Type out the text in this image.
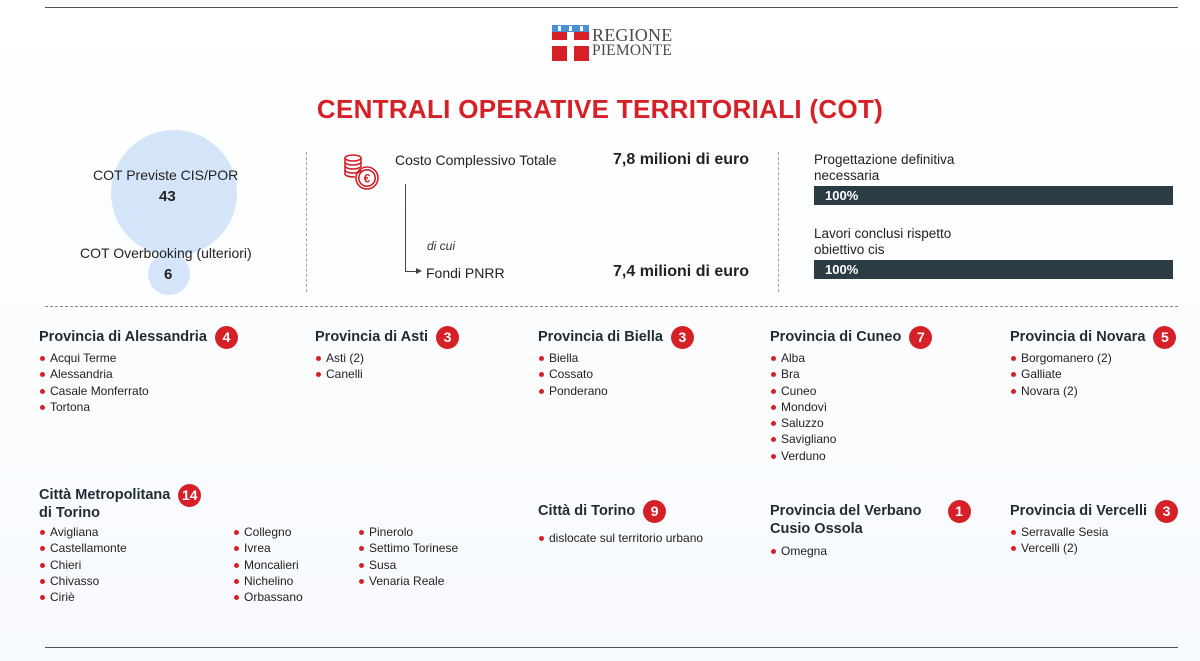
REGIONE
PIEMONTE
CENTRALI OPERATIVE TERRITORIALI (COT)
COT Previste CIS/POR
43
COT Overbooking (ulteriori)
6
€
Costo Complessivo Totale	7,8 milioni di euro
di cui
Fondi PNRR	7,4 milioni di euro
Progettazione definitiva necessaria
100%
Lavori conclusi rispetto obiettivo cis
100%
Provincia di Alessandria	4
Acqui Terme
Alessandria
Casale Monferrato
Tortona
Provincia di Asti	3
Asti (2)
Canelli
Provincia di Biella	3
Biella
Cossato
Ponderano
Provincia di Cuneo	7
Alba
Bra
Cuneo
Mondovì
Saluzzo
Savigliano
Verduno
Provincia di Novara	5
Borgomanero (2)
Galliate
Novara (2)
Città Metropolitana
di Torino
14
Avigliana
Castellamonte
Chieri
Chivasso
Ciriè
Collegno
Ivrea
Moncalieri
Nichelino
Orbassano
Pinerolo
Settimo Torinese
Susa
Venaria Reale
Città di Torino	9
dislocate sul territorio urbano
Provincia del Verbano
Cusio Ossola
1
Omegna
Provincia di Vercelli	3
Serravalle Sesia
Vercelli (2)
